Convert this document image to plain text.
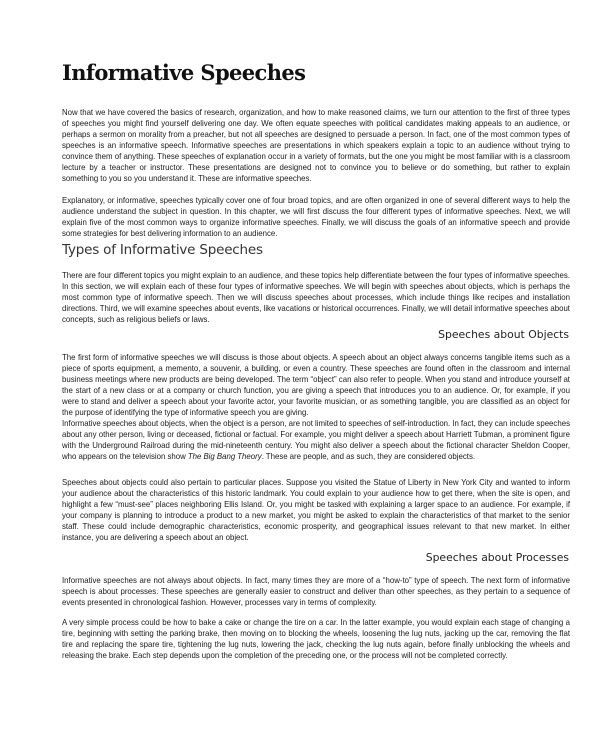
Informative Speeches

Now that we have covered the basics of research, organization, and how to make reasoned claims, we turn our attention to the first of three types of speeches you might find yourself delivering one day. We often equate speeches with political candidates making appeals to an audience, or perhaps a sermon on morality from a preacher, but not all speeches are designed to persuade a person. In fact, one of the most common types of speeches is an informative speech. Informative speeches are presentations in which speakers explain a topic to an audience without trying to convince them of anything. These speeches of explanation occur in a variety of formats, but the one you might be most familiar with is a classroom lecture by a teacher or instructor. These presentations are designed not to convince you to believe or do something, but rather to explain something to you so you understand it. These are informative speeches.

Explanatory, or informative, speeches typically cover one of four broad topics, and are often organized in one of several different ways to help the audience understand the subject in question. In this chapter, we will first discuss the four different types of informative speeches. Next, we will explain five of the most common ways to organize informative speeches. Finally, we will discuss the goals of an informative speech and provide some strategies for best delivering information to an audience.

Types of Informative Speeches

There are four different topics you might explain to an audience, and these topics help differentiate between the four types of informative speeches. In this section, we will explain each of these four types of informative speeches. We will begin with speeches about objects, which is perhaps the most common type of informative speech. Then we will discuss speeches about processes, which include things like recipes and installation directions. Third, we will examine speeches about events, like vacations or historical occurrences. Finally, we will detail informative speeches about concepts, such as religious beliefs or laws.

Speeches about Objects

The first form of informative speeches we will discuss is those about objects. A speech about an object always concerns tangible items such as a piece of sports equipment, a memento, a souvenir, a building, or even a country. These speeches are found often in the classroom and internal business meetings where new products are being developed. The term “object” can also refer to people. When you stand and introduce yourself at the start of a new class or at a company or church function, you are giving a speech that introduces you to an audience. Or, for example, if you were to stand and deliver a speech about your favorite actor, your favorite musician, or as something tangible, you are classified as an object for the purpose of identifying the type of informative speech you are giving.

Informative speeches about objects, when the object is a person, are not limited to speeches of self-introduction. In fact, they can include speeches about any other person, living or deceased, fictional or factual. For example, you might deliver a speech about Harriett Tubman, a prominent figure with the Underground Railroad during the mid-nineteenth century. You might also deliver a speech about the fictional character Sheldon Cooper, who appears on the television show The Big Bang Theory. These are people, and as such, they are considered objects.

Speeches about objects could also pertain to particular places. Suppose you visited the Statue of Liberty in New York City and wanted to inform your audience about the characteristics of this historic landmark. You could explain to your audience how to get there, when the site is open, and highlight a few “must-see” places neighboring Ellis Island. Or, you might be tasked with explaining a larger space to an audience. For example, if your company is planning to introduce a product to a new market, you might be asked to explain the characteristics of that market to the senior staff. These could include demographic characteristics, economic prosperity, and geographical issues relevant to that new market. In either instance, you are delivering a speech about an object.

Speeches about Processes

Informative speeches are not always about objects. In fact, many times they are more of a “how-to” type of speech. The next form of informative speech is about processes. These speeches are generally easier to construct and deliver than other speeches, as they pertain to a sequence of events presented in chronological fashion. However, processes vary in terms of complexity.

A very simple process could be how to bake a cake or change the tire on a car. In the latter example, you would explain each stage of changing a tire, beginning with setting the parking brake, then moving on to blocking the wheels, loosening the lug nuts, jacking up the car, removing the flat tire and replacing the spare tire, tightening the lug nuts, lowering the jack, checking the lug nuts again, before finally unblocking the wheels and releasing the brake. Each step depends upon the completion of the preceding one, or the process will not be completed correctly.
